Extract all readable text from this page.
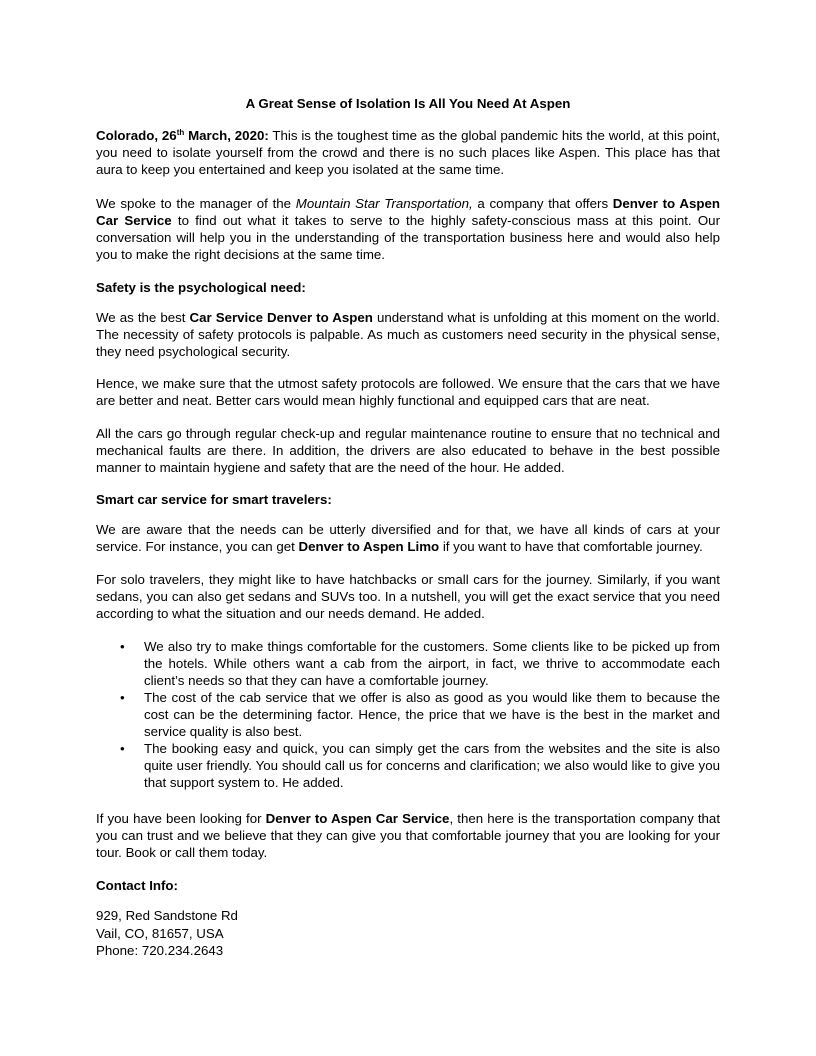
A Great Sense of Isolation Is All You Need At Aspen

Colorado, 26th March, 2020: This is the toughest time as the global pandemic hits the world, at this point, you need to isolate yourself from the crowd and there is no such places like Aspen. This place has that aura to keep you entertained and keep you isolated at the same time.

We spoke to the manager of the Mountain Star Transportation, a company that offers Denver to Aspen Car Service to find out what it takes to serve to the highly safety-conscious mass at this point. Our conversation will help you in the understanding of the transportation business here and would also help you to make the right decisions at the same time.

Safety is the psychological need:

We as the best Car Service Denver to Aspen understand what is unfolding at this moment on the world. The necessity of safety protocols is palpable. As much as customers need security in the physical sense, they need psychological security.

Hence, we make sure that the utmost safety protocols are followed. We ensure that the cars that we have are better and neat. Better cars would mean highly functional and equipped cars that are neat.

All the cars go through regular check-up and regular maintenance routine to ensure that no technical and mechanical faults are there. In addition, the drivers are also educated to behave in the best possible manner to maintain hygiene and safety that are the need of the hour. He added.

Smart car service for smart travelers:

We are aware that the needs can be utterly diversified and for that, we have all kinds of cars at your service. For instance, you can get Denver to Aspen Limo if you want to have that comfortable journey.

For solo travelers, they might like to have hatchbacks or small cars for the journey. Similarly, if you want sedans, you can also get sedans and SUVs too. In a nutshell, you will get the exact service that you need according to what the situation and our needs demand. He added.

• We also try to make things comfortable for the customers. Some clients like to be picked up from the hotels. While others want a cab from the airport, in fact, we thrive to accommodate each client’s needs so that they can have a comfortable journey.
• The cost of the cab service that we offer is also as good as you would like them to because the cost can be the determining factor. Hence, the price that we have is the best in the market and service quality is also best.
• The booking easy and quick, you can simply get the cars from the websites and the site is also quite user friendly. You should call us for concerns and clarification; we also would like to give you that support system to. He added.

If you have been looking for Denver to Aspen Car Service, then here is the transportation company that you can trust and we believe that they can give you that comfortable journey that you are looking for your tour. Book or call them today.

Contact Info:

929, Red Sandstone Rd
Vail, CO, 81657, USA
Phone: 720.234.2643
